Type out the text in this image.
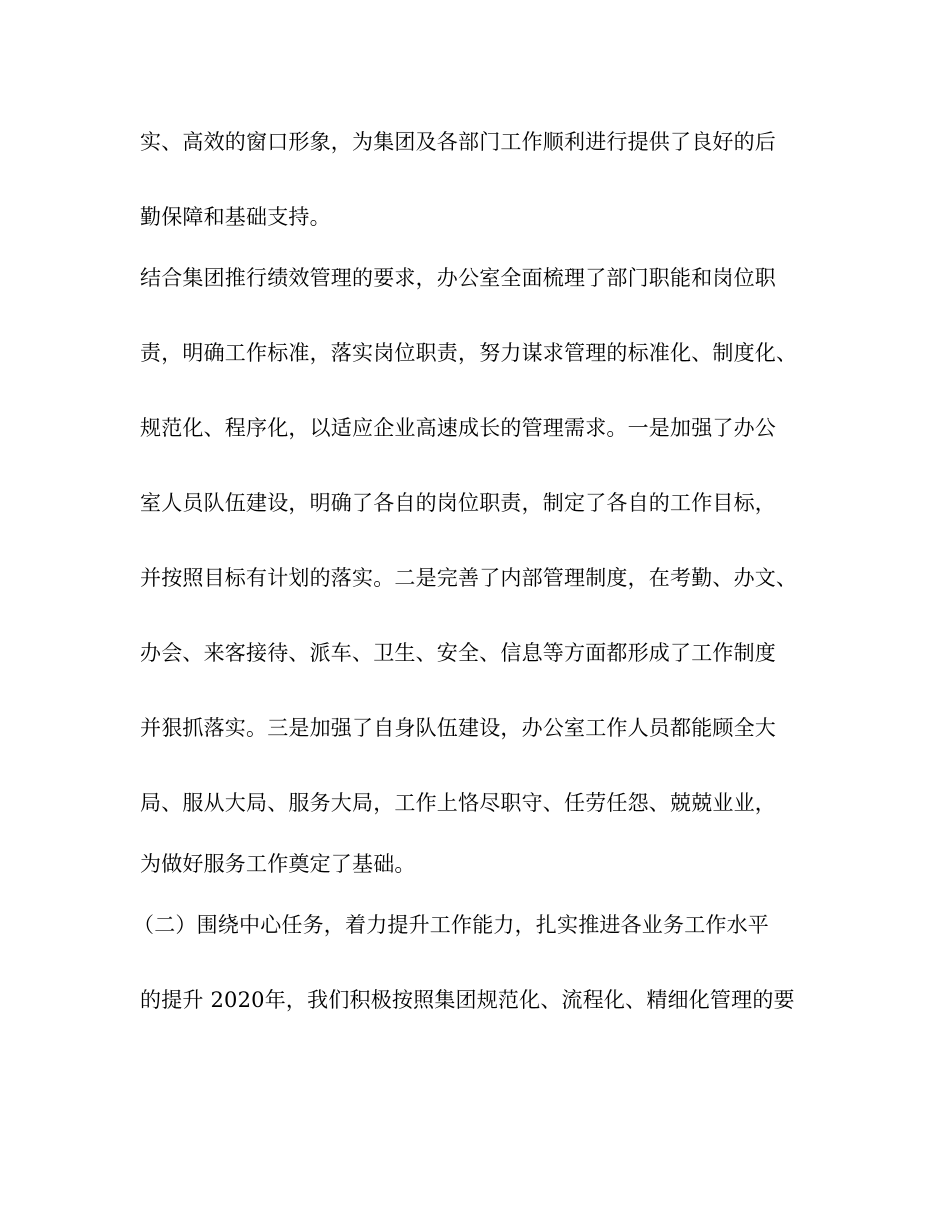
实、高效的窗口形象，为集团及各部门工作顺利进行提供了良好的后
勤保障和基础支持。
结合集团推行绩效管理的要求，办公室全面梳理了部门职能和岗位职
责，明确工作标准，落实岗位职责，努力谋求管理的标准化、制度化、
规范化、程序化，以适应企业高速成长的管理需求。一是加强了办公
室人员队伍建设，明确了各自的岗位职责，制定了各自的工作目标，
并按照目标有计划的落实。二是完善了内部管理制度，在考勤、办文、
办会、来客接待、派车、卫生、安全、信息等方面都形成了工作制度
并狠抓落实。三是加强了自身队伍建设，办公室工作人员都能顾全大
局、服从大局、服务大局，工作上恪尽职守、任劳任怨、兢兢业业，
为做好服务工作奠定了基础。
（二）围绕中心任务，着力提升工作能力，扎实推进各业务工作水平
的提升 2020年，我们积极按照集团规范化、流程化、精细化管理的要
